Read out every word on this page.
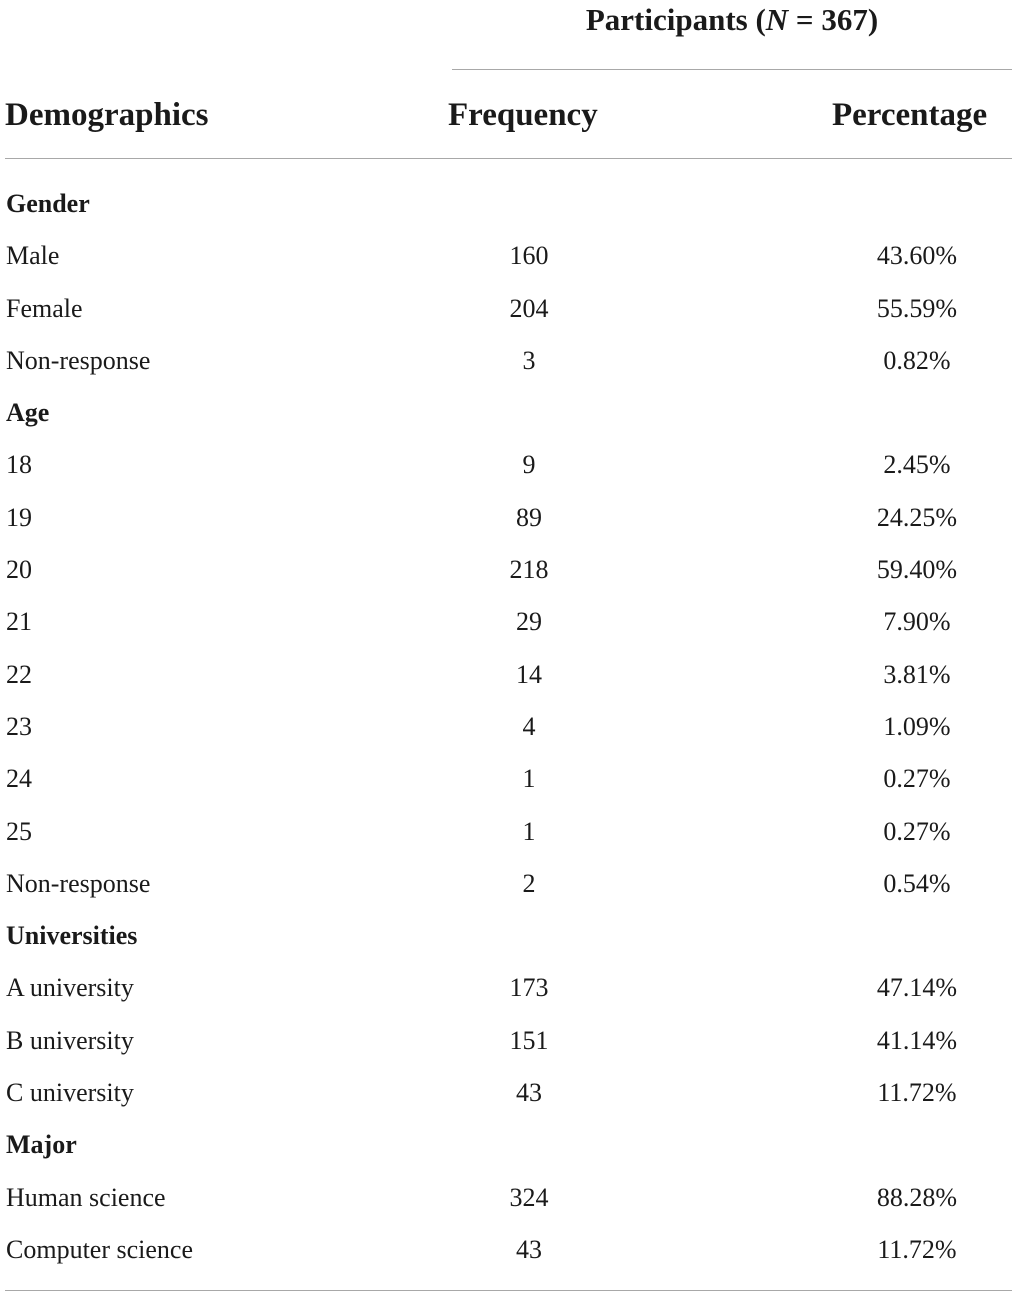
Participants (N = 367)
Demographics	Frequency	Percentage
Gender
Male	160	43.60%
Female	204	55.59%
Non-response	3	0.82%
Age
18	9	2.45%
19	89	24.25%
20	218	59.40%
21	29	7.90%
22	14	3.81%
23	4	1.09%
24	1	0.27%
25	1	0.27%
Non-response	2	0.54%
Universities
A university	173	47.14%
B university	151	41.14%
C university	43	11.72%
Major
Human science	324	88.28%
Computer science	43	11.72%
